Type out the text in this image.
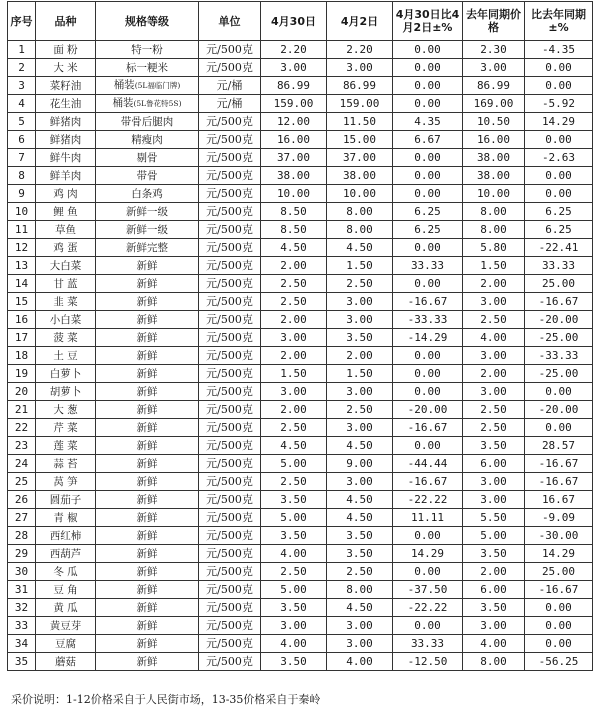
序号	品种	规格等级	单位	4月30日	4月2日	4月30日比4月2日±%	去年同期价格	比去年同期±%
1	面 粉	特一粉	元/500克	2.20	2.20	0.00	2.30	-4.35
2	大 米	标一粳米	元/500克	3.00	3.00	0.00	3.00	0.00
3	菜籽油	桶装(5L福临门牌)	元/桶	86.99	86.99	0.00	86.99	0.00
4	花生油	桶装(5L鲁花特5S)	元/桶	159.00	159.00	0.00	169.00	-5.92
5	鲜猪肉	带骨后腿肉	元/500克	12.00	11.50	4.35	10.50	14.29
6	鲜猪肉	精瘦肉	元/500克	16.00	15.00	6.67	16.00	0.00
7	鲜牛肉	剔骨	元/500克	37.00	37.00	0.00	38.00	-2.63
8	鲜羊肉	带骨	元/500克	38.00	38.00	0.00	38.00	0.00
9	鸡 肉	白条鸡	元/500克	10.00	10.00	0.00	10.00	0.00
10	鲤 鱼	新鲜一级	元/500克	8.50	8.00	6.25	8.00	6.25
11	草鱼	新鲜一级	元/500克	8.50	8.00	6.25	8.00	6.25
12	鸡 蛋	新鲜完整	元/500克	4.50	4.50	0.00	5.80	-22.41
13	大白菜	新鲜	元/500克	2.00	1.50	33.33	1.50	33.33
14	甘 蓝	新鲜	元/500克	2.50	2.50	0.00	2.00	25.00
15	韭 菜	新鲜	元/500克	2.50	3.00	-16.67	3.00	-16.67
16	小白菜	新鲜	元/500克	2.00	3.00	-33.33	2.50	-20.00
17	菠 菜	新鲜	元/500克	3.00	3.50	-14.29	4.00	-25.00
18	土 豆	新鲜	元/500克	2.00	2.00	0.00	3.00	-33.33
19	白萝卜	新鲜	元/500克	1.50	1.50	0.00	2.00	-25.00
20	胡萝卜	新鲜	元/500克	3.00	3.00	0.00	3.00	0.00
21	大 葱	新鲜	元/500克	2.00	2.50	-20.00	2.50	-20.00
22	芹 菜	新鲜	元/500克	2.50	3.00	-16.67	2.50	0.00
23	莲 菜	新鲜	元/500克	4.50	4.50	0.00	3.50	28.57
24	蒜 苔	新鲜	元/500克	5.00	9.00	-44.44	6.00	-16.67
25	莴 笋	新鲜	元/500克	2.50	3.00	-16.67	3.00	-16.67
26	圆茄子	新鲜	元/500克	3.50	4.50	-22.22	3.00	16.67
27	青 椒	新鲜	元/500克	5.00	4.50	11.11	5.50	-9.09
28	西红柿	新鲜	元/500克	3.50	3.50	0.00	5.00	-30.00
29	西葫芦	新鲜	元/500克	4.00	3.50	14.29	3.50	14.29
30	冬 瓜	新鲜	元/500克	2.50	2.50	0.00	2.00	25.00
31	豆 角	新鲜	元/500克	5.00	8.00	-37.50	6.00	-16.67
32	黄 瓜	新鲜	元/500克	3.50	4.50	-22.22	3.50	0.00
33	黄豆芽	新鲜	元/500克	3.00	3.00	0.00	3.00	0.00
34	豆腐	新鲜	元/500克	4.00	3.00	33.33	4.00	0.00
35	蘑菇	新鲜	元/500克	3.50	4.00	-12.50	8.00	-56.25
采价说明：1-12价格采自于人民街市场，13-35价格采自于秦岭
